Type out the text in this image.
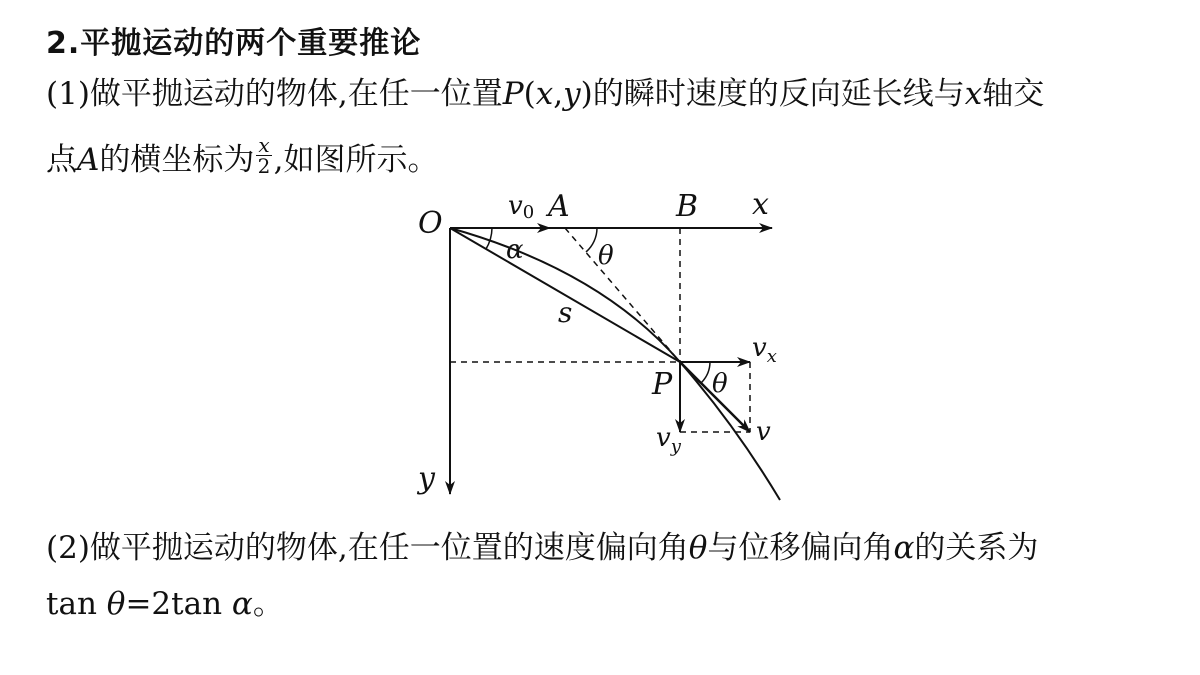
2.平抛运动的两个重要推论
(1)做平抛运动的物体,在任一位置P(x,y)的瞬时速度的反向延长线与x轴交
点A的横坐标为 $\frac{x}{2}$ ,如图所示。
O	v0 A	B x
θ
α
s
$v_x$
P θ
$v_y$	v
y
(2)做平抛运动的物体,在任一位置的速度偏向角θ与位移偏向角α的关系为
tan θ=2tan α。
